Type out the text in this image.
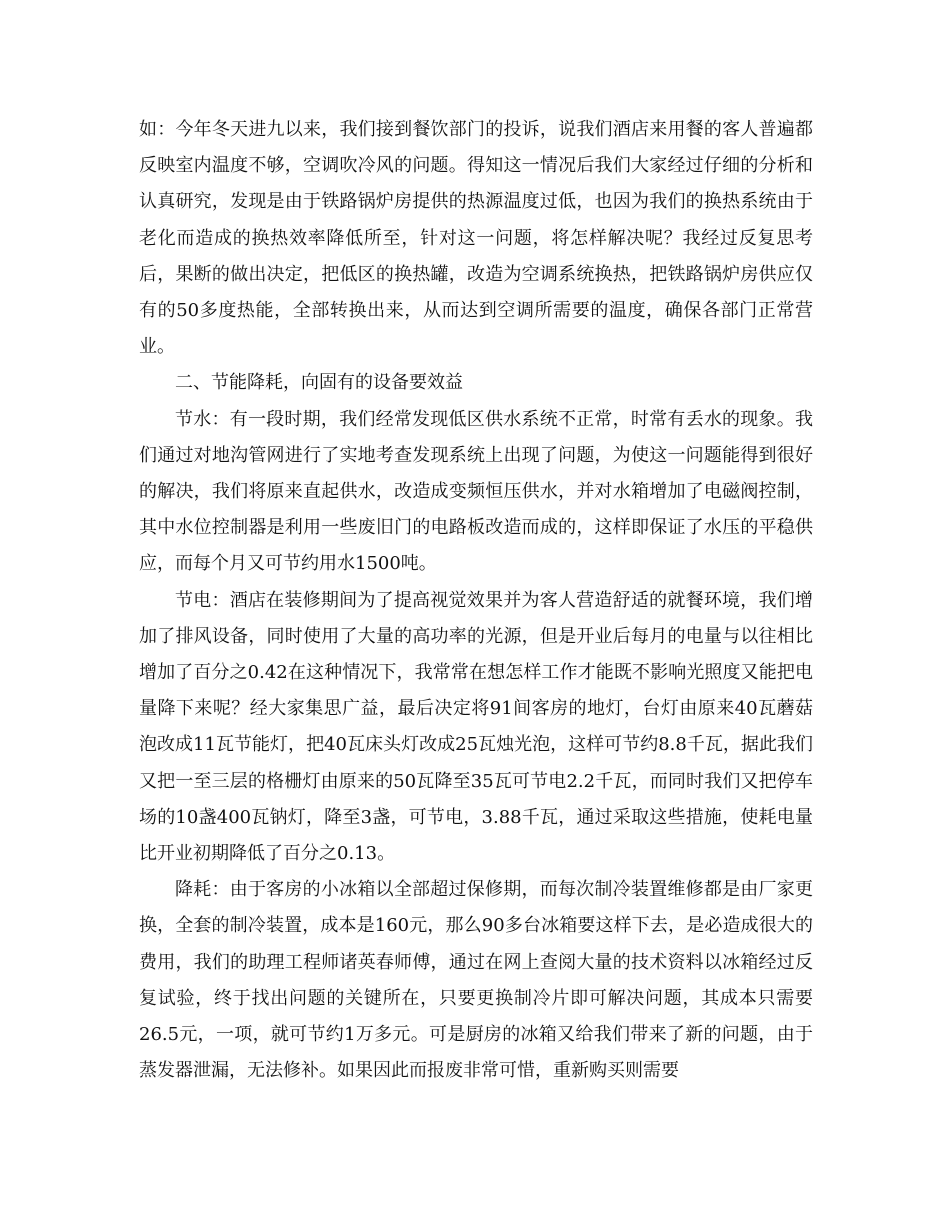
如：今年冬天进九以来，我们接到餐饮部门的投诉，说我们酒店来用餐的客人普遍都反映室内温度不够，空调吹冷风的问题。得知这一情况后我们大家经过仔细的分析和认真研究，发现是由于铁路锅炉房提供的热源温度过低，也因为我们的换热系统由于老化而造成的换热效率降低所至，针对这一问题，将怎样解决呢？我经过反复思考后，果断的做出决定，把低区的换热罐，改造为空调系统换热，把铁路锅炉房供应仅有的50多度热能，全部转换出来，从而达到空调所需要的温度，确保各部门正常营业。

二、节能降耗，向固有的设备要效益

节水：有一段时期，我们经常发现低区供水系统不正常，时常有丢水的现象。我们通过对地沟管网进行了实地考查发现系统上出现了问题，为使这一问题能得到很好的解决，我们将原来直起供水，改造成变频恒压供水，并对水箱增加了电磁阀控制，其中水位控制器是利用一些废旧门的电路板改造而成的，这样即保证了水压的平稳供应，而每个月又可节约用水1500吨。

节电：酒店在装修期间为了提高视觉效果并为客人营造舒适的就餐环境，我们增加了排风设备，同时使用了大量的高功率的光源，但是开业后每月的电量与以往相比增加了百分之0.42在这种情况下，我常常在想怎样工作才能既不影响光照度又能把电量降下来呢？经大家集思广益，最后决定将91间客房的地灯，台灯由原来40瓦蘑菇泡改成11瓦节能灯，把40瓦床头灯改成25瓦烛光泡，这样可节约8.8千瓦，据此我们又把一至三层的格栅灯由原来的50瓦降至35瓦可节电2.2千瓦，而同时我们又把停车场的10盏400瓦钠灯，降至3盏，可节电，3.88千瓦，通过采取这些措施，使耗电量比开业初期降低了百分之0.13。

降耗：由于客房的小冰箱以全部超过保修期，而每次制冷装置维修都是由厂家更换，全套的制冷装置，成本是160元，那么90多台冰箱要这样下去，是必造成很大的费用，我们的助理工程师诸英春师傅，通过在网上查阅大量的技术资料以冰箱经过反复试验，终于找出问题的关键所在，只要更换制冷片即可解决问题，其成本只需要26.5元，一项，就可节约1万多元。可是厨房的冰箱又给我们带来了新的问题，由于蒸发器泄漏，无法修补。如果因此而报废非常可惜，重新购买则需要
